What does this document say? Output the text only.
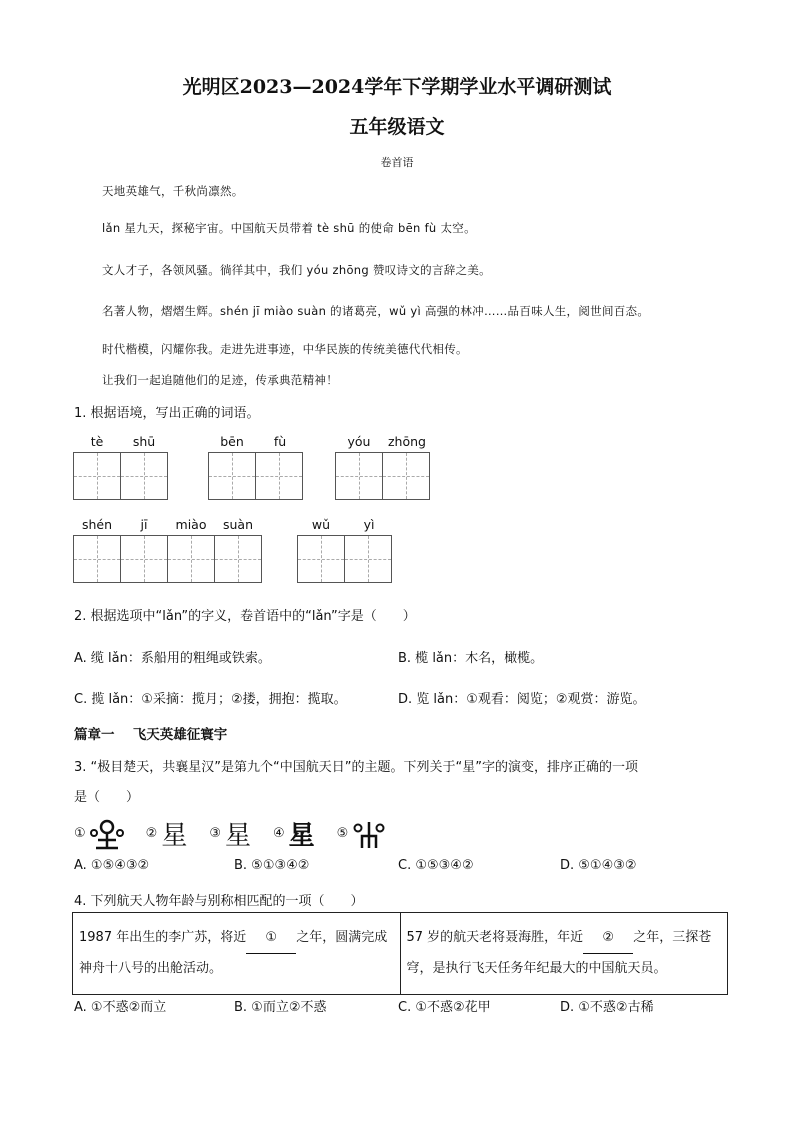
光明区2023—2024学年下学期学业水平调研测试
五年级语文
卷首语
天地英雄气，千秋尚凛然。
lǎn 星九天，探秘宇宙。中国航天员带着 tè shū 的使命 bēn fù 太空。
文人才子，各领风骚。徜徉其中，我们 yóu zhōng 赞叹诗文的言辞之美。
名著人物，熠熠生辉。shén jī miào suàn 的诸葛亮，wǔ yì 高强的林冲……品百味人生，阅世间百态。
时代楷模，闪耀你我。走进先进事迹，中华民族的传统美德代代相传。
让我们一起追随他们的足迹，传承典范精神！
1. 根据语境，写出正确的词语。
tè	shū	bēn	fù	yóu	zhōng
shén	jī	miào	suàn	wǔ	yì
2. 根据选项中“lǎn”的字义，卷首语中的“lǎn”字是（　　）
A. 缆 lǎn：系船用的粗绳或铁索。	B. 榄 lǎn：木名，橄榄。
C. 揽 lǎn：①采摘：揽月；②搂，拥抱：揽取。	D. 览 lǎn：①观看：阅览；②观赏：游览。
篇章一　 飞天英雄征寰宇
3. “极目楚天，共襄星汉”是第九个“中国航天日”的主题。下列关于“星”字的演变，排序正确的一项
是（　　）
①	② 星 ③ 星 ④ 星 ⑤
A. ①⑤④③②	B. ⑤①③④②	C. ①⑤③④②	D. ⑤①④③②
4. 下列航天人物年龄与别称相匹配的一项（　　）
1987 年出生的李广苏，将近 ① 之年，圆满完成神舟十八号的出舱活动。	57 岁的航天老将聂海胜，年近 ② 之年，三探苍穹，是执行飞天任务年纪最大的中国航天员。
A. ①不惑②而立	B. ①而立②不惑	C. ①不惑②花甲	D. ①不惑②古稀
